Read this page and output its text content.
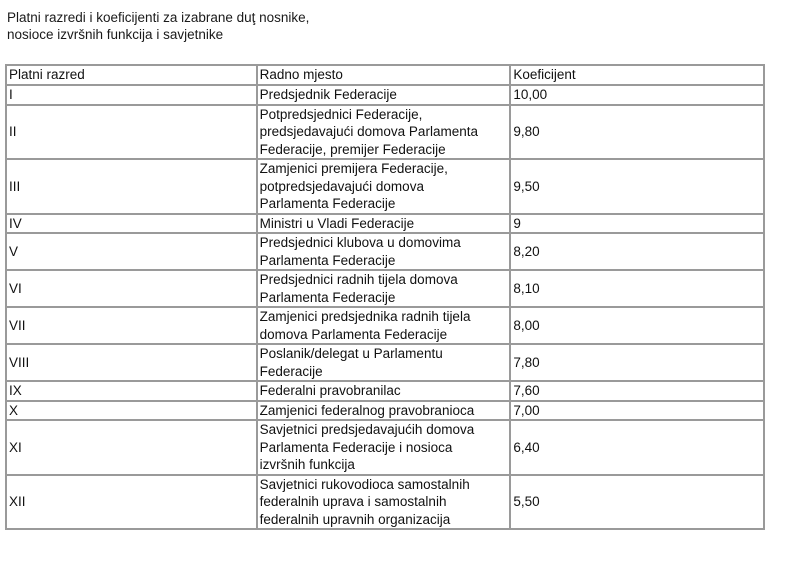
Platni razredi i koeficijenti za izabrane duţ nosnike,
nosioce izvršnih funkcija i savjetnike
Platni razred	Radno mjesto	Koeficijent
I	Predsjednik Federacije	10,00
II	Potpredsjednici Federacije,
predsjedavajući domova Parlamenta
Federacije, premijer Federacije	9,80
III	Zamjenici premijera Federacije,
potpredsjedavajući domova
Parlamenta Federacije	9,50
IV	Ministri u Vladi Federacije	9
V	Predsjednici klubova u domovima
Parlamenta Federacije	8,20
VI	Predsjednici radnih tijela domova
Parlamenta Federacije	8,10
VII	Zamjenici predsjednika radnih tijela
domova Parlamenta Federacije	8,00
VIII	Poslanik/delegat u Parlamentu
Federacije	7,80
IX	Federalni pravobranilac	7,60
X	Zamjenici federalnog pravobranioca	7,00
XI	Savjetnici predsjedavajućih domova
Parlamenta Federacije i nosioca
izvršnih funkcija	6,40
XII	Savjetnici rukovodioca samostalnih
federalnih uprava i samostalnih
federalnih upravnih organizacija	5,50
